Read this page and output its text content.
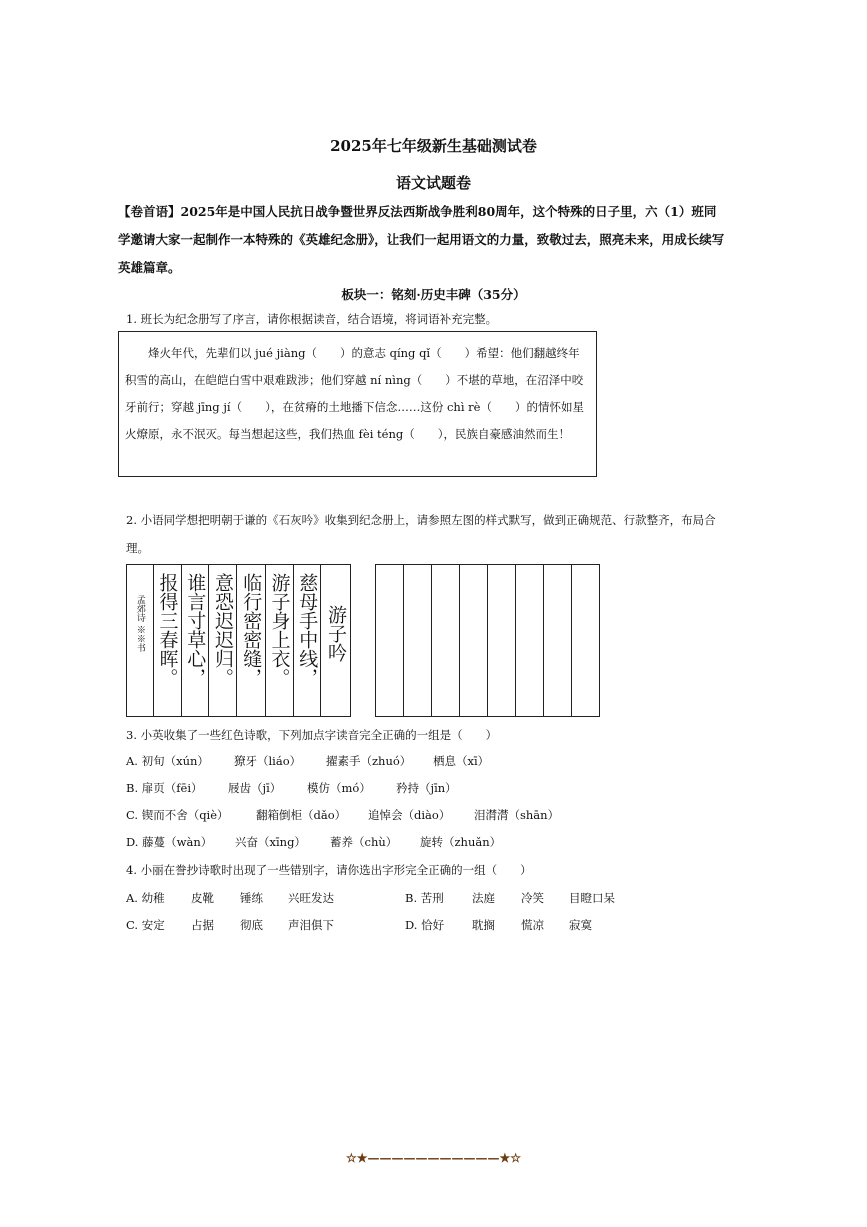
2025年七年级新生基础测试卷
语文试题卷
【卷首语】2025年是中国人民抗日战争暨世界反法西斯战争胜利80周年，这个特殊的日子里，六（1）班同学邀请大家一起制作一本特殊的《英雄纪念册》，让我们一起用语文的力量，致敬过去，照亮未来，用成长续写英雄篇章。
板块一：铭刻·历史丰碑（35分）
1. 班长为纪念册写了序言，请你根据读音，结合语境，将词语补充完整。

烽火年代，先辈们以 jué jiàng（　　）的意志 qíng qǐ（　　）希望：他们翻越终年积雪的高山，在皑皑白雪中艰难跋涉；他们穿越 ní nìng（　　）不堪的草地，在沼泽中咬牙前行；穿越 jīng jí（　　），在贫瘠的土地播下信念……这份 chì rè（　　）的情怀如星火燎原，永不泯灭。每当想起这些，我们热血 fèi téng（　　），民族自豪感油然而生！

2. 小语同学想把明朝于谦的《石灰吟》收集到纪念册上，请参照左图的样式默写，做到正确规范、行款整齐，布局合理。
孟郊诗 ※※书 报得三春晖。 谁言寸草心， 意恐迟迟归。 临行密密缝， 游子身上衣。 慈母手中线， 游子吟
3. 小英收集了一些红色诗歌，下列加点字读音完全正确的一组是（　　）
A. 初旬（xún） 獠牙（liáo） 擢素手（zhuó） 栖息（xī）
B. 扉页（fēi） 屐齿（jī） 模仿（mó） 矜持（jīn）
C. 锲而不舍（qiè） 翻箱倒柜（dǎo） 追悼会（diào） 泪潸潸（shān）
D. 藤蔓（wàn） 兴奋（xīng） 蓄养（chù） 旋转（zhuǎn）
4. 小丽在誊抄诗歌时出现了一些错别字，请你选出字形完全正确的一组（　　）
A. 幼稚 皮靴 锤练 兴旺发达	B. 苦刑 法庭 冷笑 目瞪口呆
C. 安定 占据 彻底 声泪俱下	D. 恰好 耽搁 慌凉 寂寞
☆★———————————★☆
